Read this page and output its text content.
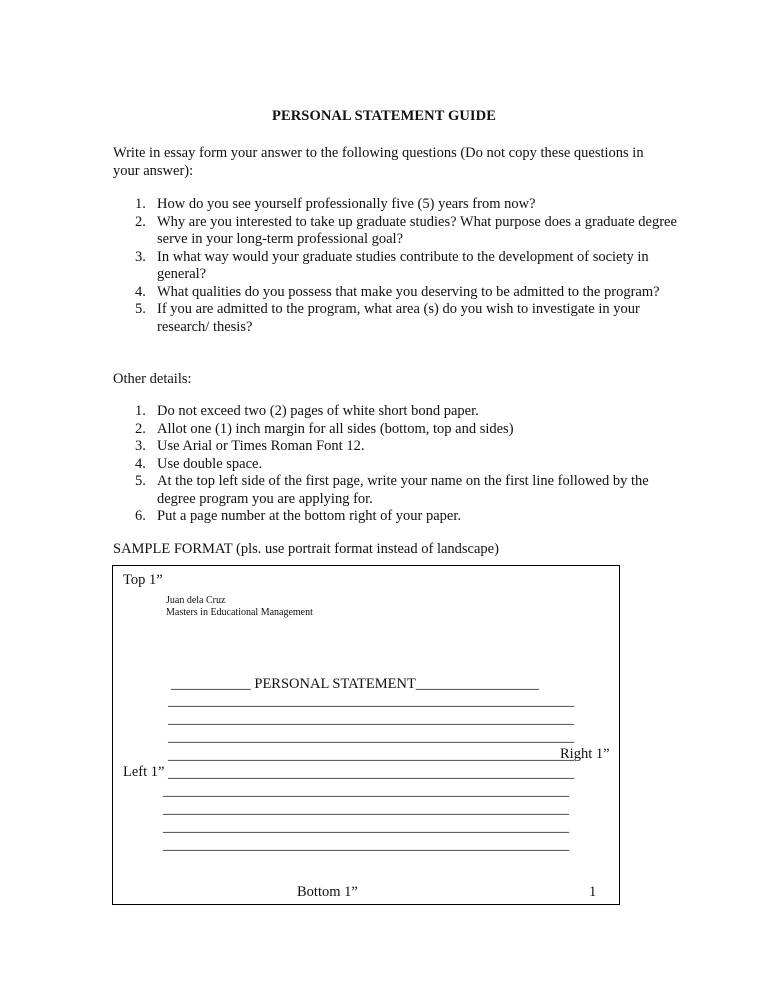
PERSONAL STATEMENT GUIDE
Write in essay form your answer to the following questions (Do not copy these questions in your answer):
1. How do you see yourself professionally five (5) years from now?
2. Why are you interested to take up graduate studies? What purpose does a graduate degree serve in your long-term professional goal?
3. In what way would your graduate studies contribute to the development of society in general?
4. What qualities do you possess that make you deserving to be admitted to the program?
5. If you are admitted to the program, what area (s) do you wish to investigate in your research/ thesis?
Other details:
1. Do not exceed two (2) pages of white short bond paper.
2. Allot one (1) inch margin for all sides (bottom, top and sides)
3. Use Arial or Times Roman Font 12.
4. Use double space.
5. At the top left side of the first page, write your name on the first line followed by the degree program you are applying for.
6. Put a page number at the bottom right of your paper.
SAMPLE FORMAT (pls. use portrait format instead of landscape)
Top 1”
Juan dela Cruz
Masters in Educational Management
___________ PERSONAL STATEMENT_________________
________________________________________________________
________________________________________________________
________________________________________________________
________________________________________________________
Right 1”
Left 1” ________________________________________________________
________________________________________________________
________________________________________________________
________________________________________________________
________________________________________________________
Bottom 1”	1
